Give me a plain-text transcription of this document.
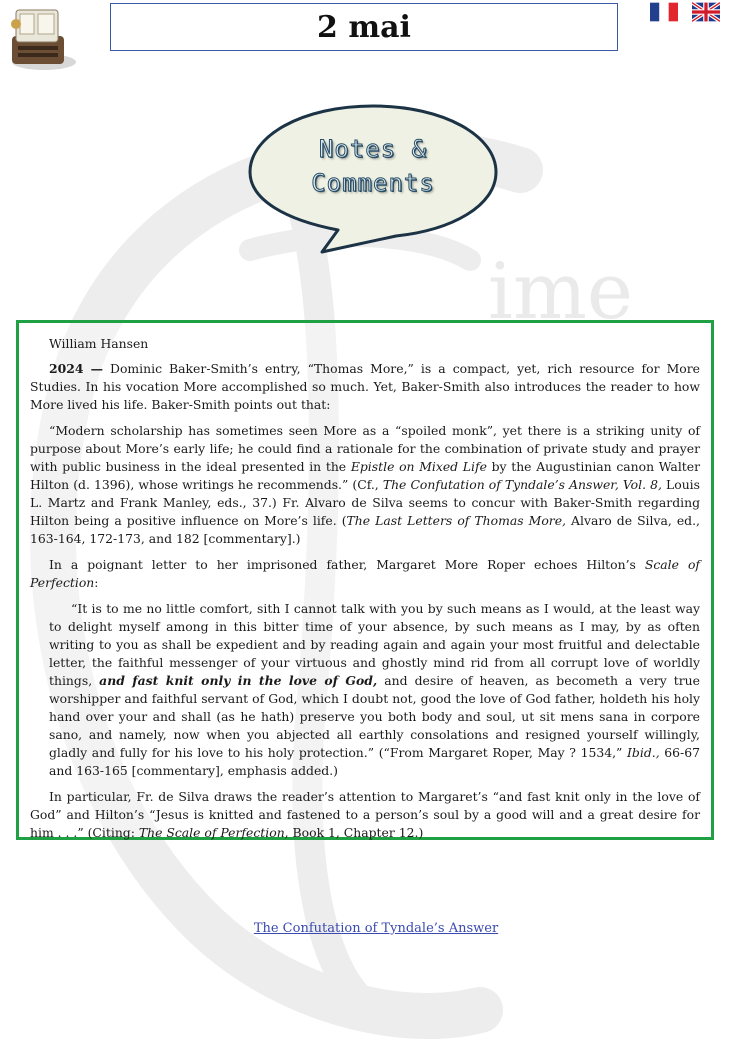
ime
2 mai
Notes &
Comments

William Hansen

2024 — Dominic Baker-Smith’s entry, “Thomas More,” is a compact, yet, rich resource for More Studies. In his vocation More accomplished so much. Yet, Baker-Smith also introduces the reader to how More lived his life. Baker-Smith points out that:

“Modern scholarship has sometimes seen More as a “spoiled monk”, yet there is a striking unity of purpose about More’s early life; he could find a rationale for the combination of private study and prayer with public business in the ideal presented in the Epistle on Mixed Life by the Augustinian canon Walter Hilton (d. 1396), whose writings he recommends.” (Cf., The Confutation of Tyndale’s Answer, Vol. 8, Louis L. Martz and Frank Manley, eds., 37.) Fr. Alvaro de Silva seems to concur with Baker-Smith regarding Hilton being a positive influence on More’s life. (The Last Letters of Thomas More, Alvaro de Silva, ed., 163-164, 172-173, and 182 [commentary].)

In a poignant letter to her imprisoned father, Margaret More Roper echoes Hilton’s Scale of Perfection:

“It is to me no little comfort, sith I cannot talk with you by such means as I would, at the least way to delight myself among in this bitter time of your absence, by such means as I may, by as often writing to you as shall be expedient and by reading again and again your most fruitful and delectable letter, the faithful messenger of your virtuous and ghostly mind rid from all corrupt love of worldly things, and fast knit only in the love of God, and desire of heaven, as becometh a very true worshipper and faithful servant of God, which I doubt not, good the love of God father, holdeth his holy hand over your and shall (as he hath) preserve you both body and soul, ut sit mens sana in corpore sano, and namely, now when you abjected all earthly consolations and resigned yourself willingly, gladly and fully for his love to his holy protection.” (“From Margaret Roper, May ? 1534,” Ibid., 66-67 and 163-165 [commentary], emphasis added.)

In particular, Fr. de Silva draws the reader’s attention to Margaret’s “and fast knit only in the love of God” and Hilton’s “Jesus is knitted and fastened to a person’s soul by a good will and a great desire for him . . .” (Citing: The Scale of Perfection, Book 1, Chapter 12.)

The Confutation of Tyndale’s Answer
